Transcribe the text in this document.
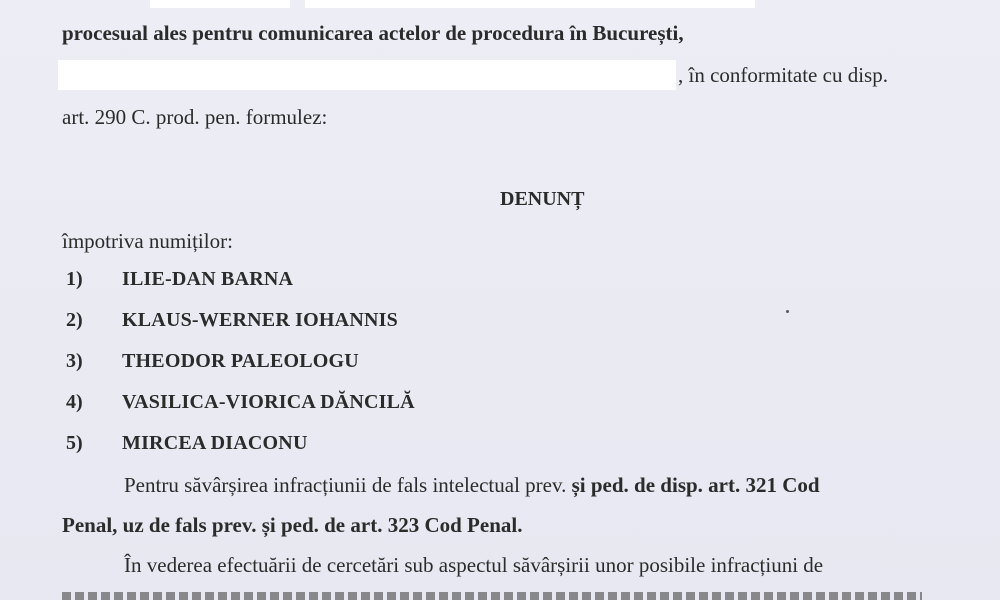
procesual ales pentru comunicarea actelor de procedura în București,
, în conformitate cu disp.
art. 290 C. prod. pen. formulez:
DENUNȚ
împotriva numiților:
1) ILIE-DAN BARNA
2) KLAUS-WERNER IOHANNIS
3) THEODOR PALEOLOGU
4) VASILICA-VIORICA DĂNCILĂ
5) MIRCEA DIACONU
Pentru săvârșirea infracțiunii de fals intelectual prev. și ped. de disp. art. 321 Cod
Penal, uz de fals prev. și ped. de art. 323 Cod Penal.
În vederea efectuării de cercetări sub aspectul săvârșirii unor posibile infracțiuni de
